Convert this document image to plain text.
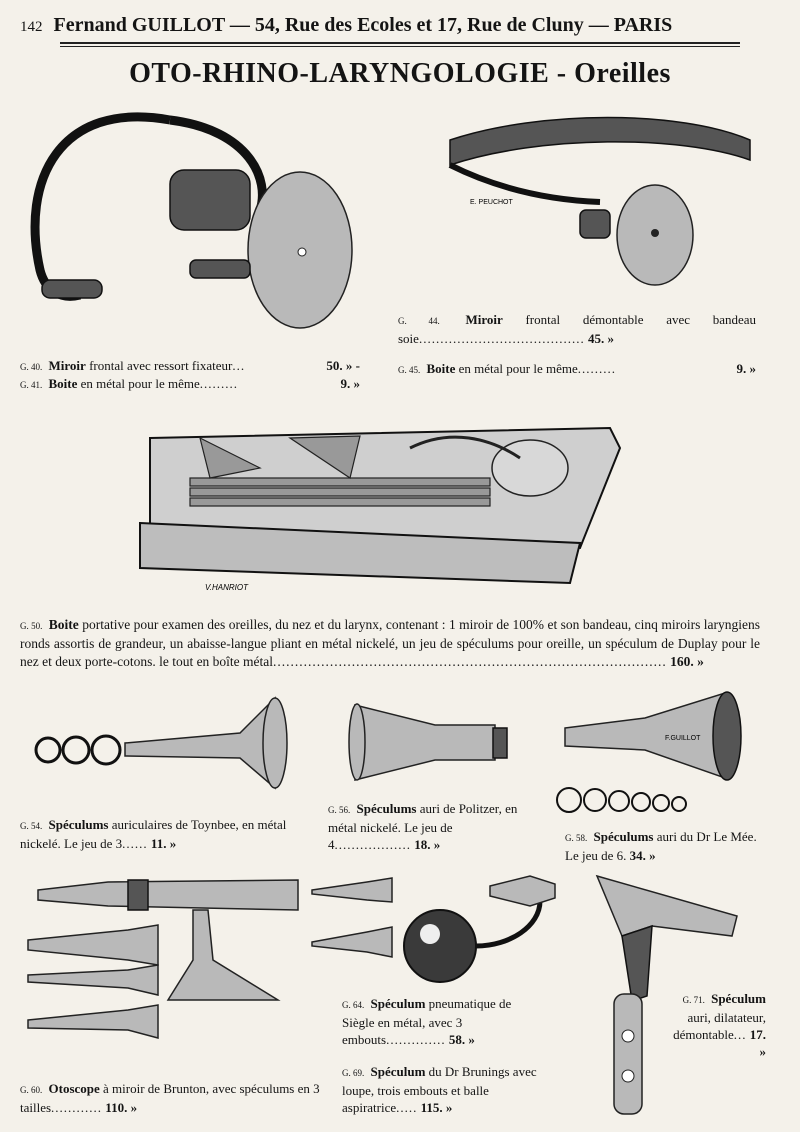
142 Fernand GUILLOT — 54, Rue des Ecoles et 17, Rue de Cluny — PARIS
OTO-RHINO-LARYNGOLOGIE - Oreilles
E. PEUCHOT
G. 40. Miroir frontal avec ressort fixateur...	50. » -
G. 41. Boite en métal pour le même.........	9. »
G. 44. Miroir frontal démontable avec bandeau soie....................................... 45. »
G. 45. Boite en métal pour le même.........	9. »
V.HANRIOT
G. 50. Boite portative pour examen des oreilles, du nez et du larynx, contenant : 1 miroir de 100% et son bandeau, cinq miroirs laryngiens ronds assortis de grandeur, un abaisse-langue pliant en métal nickelé, un jeu de spéculums pour oreille, un spéculum de Duplay pour le nez et deux porte-cotons. le tout en boîte métal.......................................................................................... 160. »
F.GUILLOT
G. 54. Spéculums auriculaires de Toynbee, en métal nickelé. Le jeu de 3...... 11. »
G. 56. Spéculums auri de Politzer, en métal nickelé. Le jeu de 4.................. 18. »	G. 58. Spéculums auri du Dr Le Mée. Le jeu de 6. 34. »
G. 60. Otoscope à miroir de Brunton, avec spéculums en 3 tailles............ 110. »
G. 64. Spéculum pneumatique de Siègle en métal, avec 3 embouts.............. 58. »
G. 69. Spéculum du Dr Brunings avec loupe, trois embouts et balle aspiratrice..... 115. »
G. 71. Spéculum auri, dilatateur, démontable... 17. »
